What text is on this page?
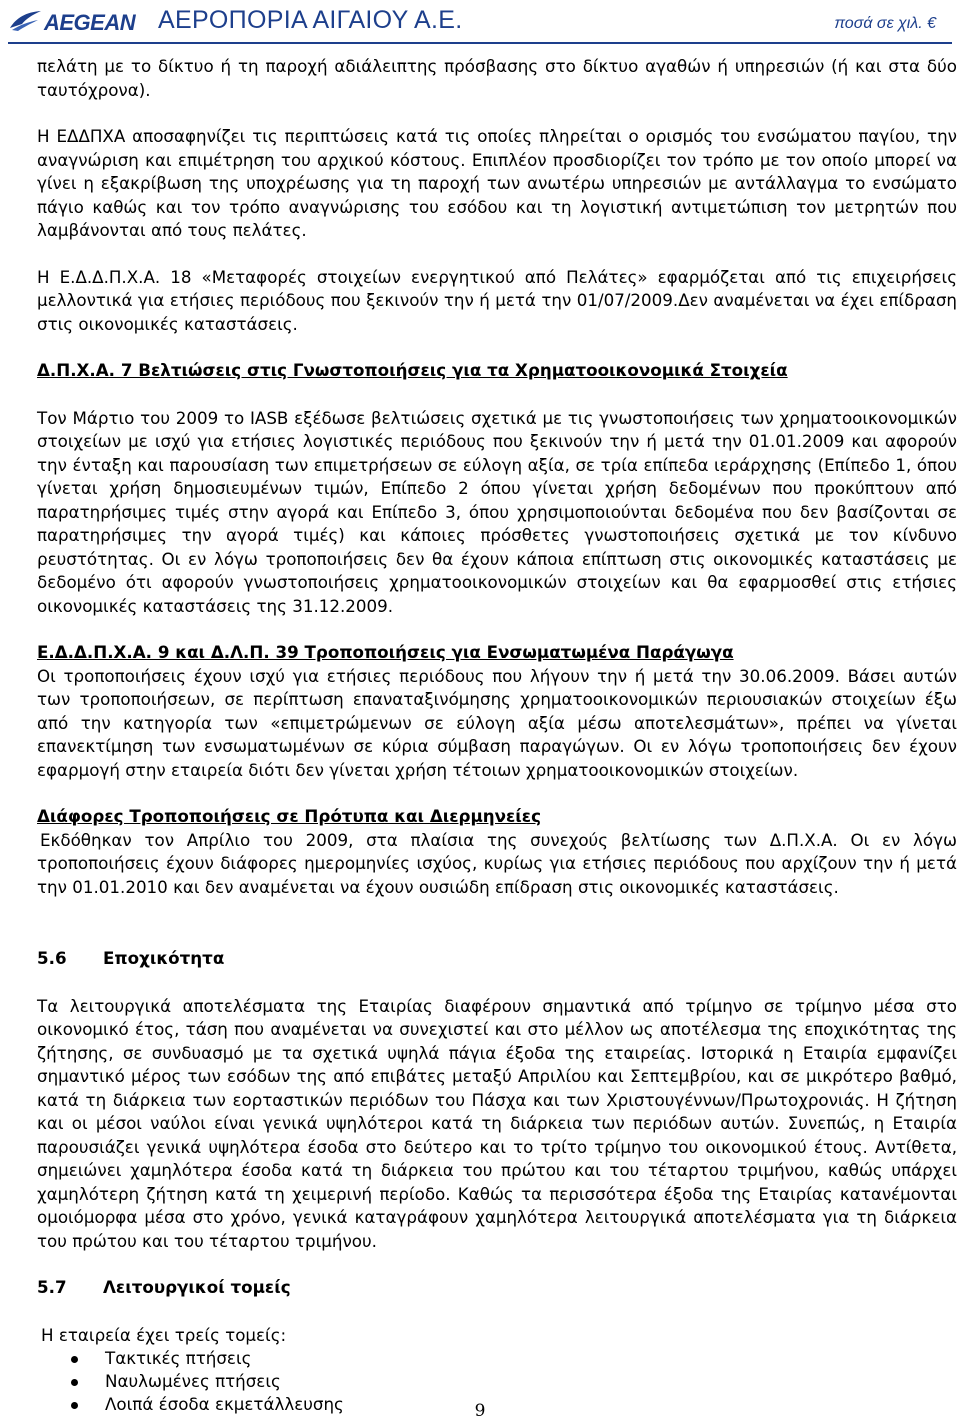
AEGEAN ΑΕΡΟΠΟΡΙΑ ΑΙΓΑΙΟΥ Α.Ε.	ποσά σε χιλ. €

πελάτη με το δίκτυο ή τη παροχή αδιάλειπτης πρόσβασης στο δίκτυο αγαθών ή υπηρεσιών (ή και στα δύο ταυτόχρονα).

Η ΕΔΔΠΧΑ αποσαφηνίζει τις περιπτώσεις κατά τις οποίες πληρείται ο ορισμός του ενσώματου παγίου, την αναγνώριση και επιμέτρηση του αρχικού κόστους. Επιπλέον προσδιορίζει τον τρόπο με τον οποίο μπορεί να γίνει η εξακρίβωση της υποχρέωσης για τη παροχή των ανωτέρω υπηρεσιών με αντάλλαγμα το ενσώματο πάγιο καθώς και τον τρόπο αναγνώρισης του εσόδου και τη λογιστική αντιμετώπιση τον μετρητών που λαμβάνονται από τους πελάτες.

Η Ε.Δ.Δ.Π.Χ.Α. 18 «Μεταφορές στοιχείων ενεργητικού από Πελάτες» εφαρμόζεται από τις επιχειρήσεις μελλοντικά για ετήσιες περιόδους που ξεκινούν την ή μετά την 01/07/2009.Δεν αναμένεται να έχει επίδραση στις οικονομικές καταστάσεις.

Δ.Π.Χ.Α. 7 Βελτιώσεις στις Γνωστοποιήσεις για τα Χρηματοοικονομικά Στοιχεία

Τον Μάρτιο του 2009 το IASB εξέδωσε βελτιώσεις σχετικά με τις γνωστοποιήσεις των χρηματοοικονομικών στοιχείων με ισχύ για ετήσιες λογιστικές περιόδους που ξεκινούν την ή μετά την 01.01.2009 και αφορούν την ένταξη και παρουσίαση των επιμετρήσεων σε εύλογη αξία, σε τρία επίπεδα ιεράρχησης (Επίπεδο 1, όπου γίνεται χρήση δημοσιευμένων τιμών, Επίπεδο 2 όπου γίνεται χρήση δεδομένων που προκύπτουν από παρατηρήσιμες τιμές στην αγορά και Επίπεδο 3, όπου χρησιμοποιούνται δεδομένα που δεν βασίζονται σε παρατηρήσιμες την αγορά τιμές) και κάποιες πρόσθετες γνωστοποιήσεις σχετικά με τον κίνδυνο ρευστότητας. Οι εν λόγω τροποποιήσεις δεν θα έχουν κάποια επίπτωση στις οικονομικές καταστάσεις με δεδομένο ότι αφορούν γνωστοποιήσεις χρηματοοικονομικών στοιχείων και θα εφαρμοσθεί στις ετήσιες οικονομικές καταστάσεις της 31.12.2009.

Ε.Δ.Δ.Π.Χ.Α. 9 και Δ.Λ.Π. 39 Τροποποιήσεις για Ενσωματωμένα Παράγωγα

Οι τροποποιήσεις έχουν ισχύ για ετήσιες περιόδους που λήγουν την ή μετά την 30.06.2009. Βάσει αυτών των τροποποιήσεων, σε περίπτωση επαναταξινόμησης χρηματοοικονομικών περιουσιακών στοιχείων έξω από την κατηγορία των «επιμετρώμενων σε εύλογη αξία μέσω αποτελεσμάτων», πρέπει να γίνεται επανεκτίμηση των ενσωματωμένων σε κύρια σύμβαση παραγώγων. Οι εν λόγω τροποποιήσεις δεν έχουν εφαρμογή στην εταιρεία διότι δεν γίνεται χρήση τέτοιων χρηματοοικονομικών στοιχείων.

Διάφορες Τροποποιήσεις σε Πρότυπα και Διερμηνείες

Εκδόθηκαν τον Απρίλιο του 2009, στα πλαίσια της συνεχούς βελτίωσης των Δ.Π.Χ.Α. Οι εν λόγω τροποποιήσεις έχουν διάφορες ημερομηνίες ισχύος, κυρίως για ετήσιες περιόδους που αρχίζουν την ή μετά την 01.01.2010 και δεν αναμένεται να έχουν ουσιώδη επίδραση στις οικονομικές καταστάσεις.

5.6 Εποχικότητα

Τα λειτουργικά αποτελέσματα της Εταιρίας διαφέρουν σημαντικά από τρίμηνο σε τρίμηνο μέσα στο οικονομικό έτος, τάση που αναμένεται να συνεχιστεί και στο μέλλον ως αποτέλεσμα της εποχικότητας της ζήτησης, σε συνδυασμό με τα σχετικά υψηλά πάγια έξοδα της εταιρείας. Ιστορικά η Εταιρία εμφανίζει σημαντικό μέρος των εσόδων της από επιβάτες μεταξύ Απριλίου και Σεπτεμβρίου, και σε μικρότερο βαθμό, κατά τη διάρκεια των εορταστικών περιόδων του Πάσχα και των Χριστουγέννων/Πρωτοχρονιάς. Η ζήτηση και οι μέσοι ναύλοι είναι γενικά υψηλότεροι κατά τη διάρκεια των περιόδων αυτών. Συνεπώς, η Εταιρία παρουσιάζει γενικά υψηλότερα έσοδα στο δεύτερο και το τρίτο τρίμηνο του οικονομικού έτους. Αντίθετα, σημειώνει χαμηλότερα έσοδα κατά τη διάρκεια του πρώτου και του τέταρτου τριμήνου, καθώς υπάρχει χαμηλότερη ζήτηση κατά τη χειμερινή περίοδο. Καθώς τα περισσότερα έξοδα της Εταιρίας κατανέμονται ομοιόμορφα μέσα στο χρόνο, γενικά καταγράφουν χαμηλότερα λειτουργικά αποτελέσματα για τη διάρκεια του πρώτου και του τέταρτου τριμήνου.

5.7 Λειτουργικοί τομείς

Η εταιρεία έχει τρείς τομείς:

Τακτικές πτήσεις
Ναυλωμένες πτήσεις
Λοιπά έσοδα εκμετάλλευσης	9
